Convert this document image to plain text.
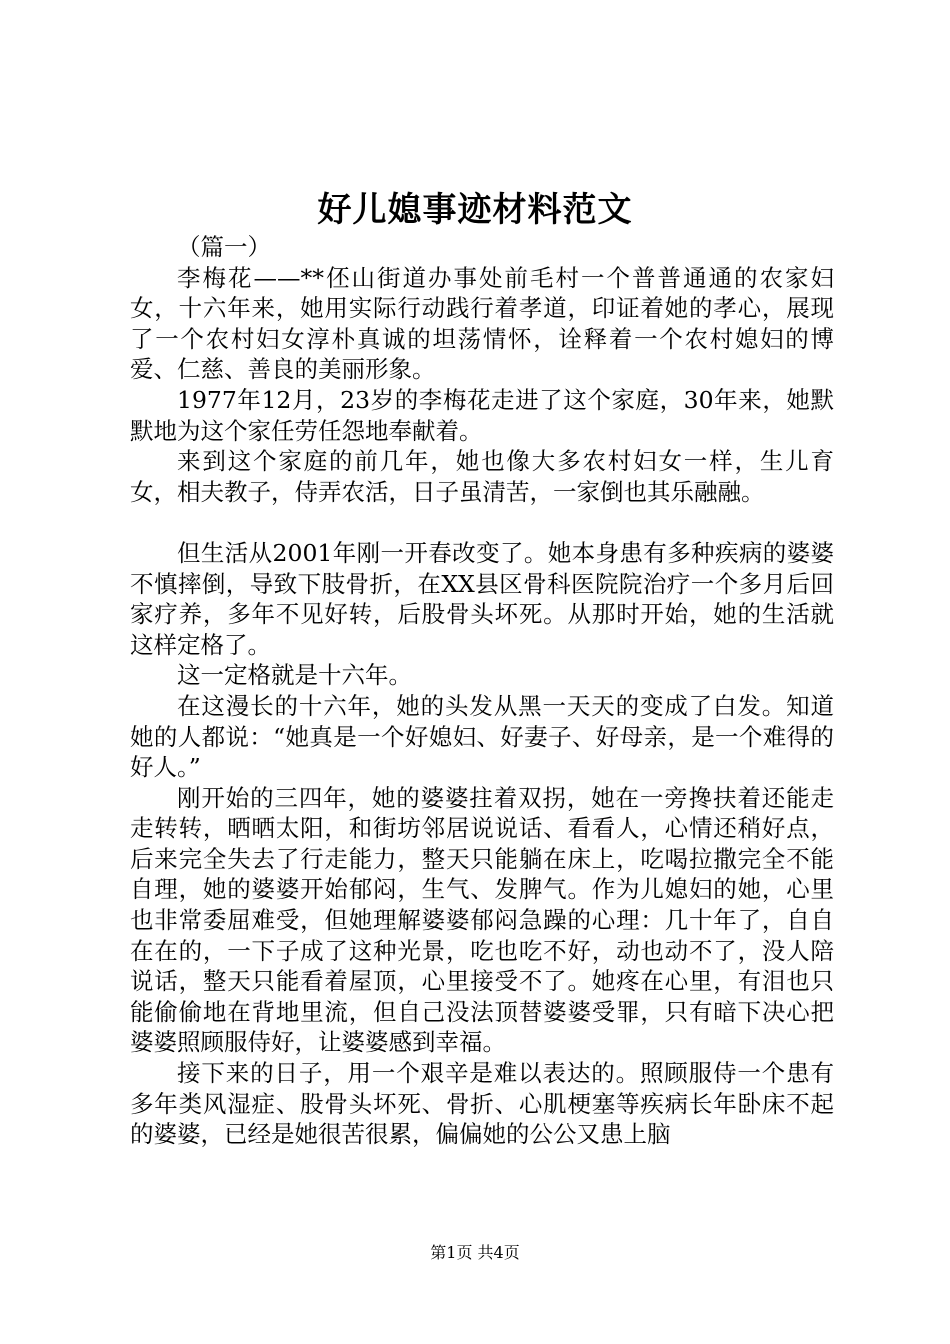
好儿媳事迹材料范文

（篇一）

李梅花——**伾山街道办事处前毛村一个普普通通的农家妇女，十六年来，她用实际行动践行着孝道，印证着她的孝心，展现了一个农村妇女淳朴真诚的坦荡情怀，诠释着一个农村媳妇的博爱、仁慈、善良的美丽形象。

1977年12月，23岁的李梅花走进了这个家庭，30年来，她默默地为这个家任劳任怨地奉献着。

来到这个家庭的前几年，她也像大多农村妇女一样，生儿育女，相夫教子，侍弄农活，日子虽清苦，一家倒也其乐融融。

但生活从2001年刚一开春改变了。她本身患有多种疾病的婆婆不慎摔倒，导致下肢骨折，在XX县区骨科医院院治疗一个多月后回家疗养，多年不见好转，后股骨头坏死。从那时开始，她的生活就这样定格了。

这一定格就是十六年。

在这漫长的十六年，她的头发从黑一天天的变成了白发。知道她的人都说：“她真是一个好媳妇、好妻子、好母亲，是一个难得的好人。”

刚开始的三四年，她的婆婆拄着双拐，她在一旁搀扶着还能走走转转，晒晒太阳，和街坊邻居说说话、看看人，心情还稍好点，后来完全失去了行走能力，整天只能躺在床上，吃喝拉撒完全不能自理，她的婆婆开始郁闷，生气、发脾气。作为儿媳妇的她，心里也非常委屈难受，但她理解婆婆郁闷急躁的心理：几十年了，自自在在的，一下子成了这种光景，吃也吃不好，动也动不了，没人陪说话，整天只能看着屋顶，心里接受不了。她疼在心里，有泪也只能偷偷地在背地里流，但自己没法顶替婆婆受罪，只有暗下决心把婆婆照顾服侍好，让婆婆感到幸福。

接下来的日子，用一个艰辛是难以表达的。照顾服侍一个患有多年类风湿症、股骨头坏死、骨折、心肌梗塞等疾病长年卧床不起的婆婆，已经是她很苦很累，偏偏她的公公又患上脑

第1页 共4页
